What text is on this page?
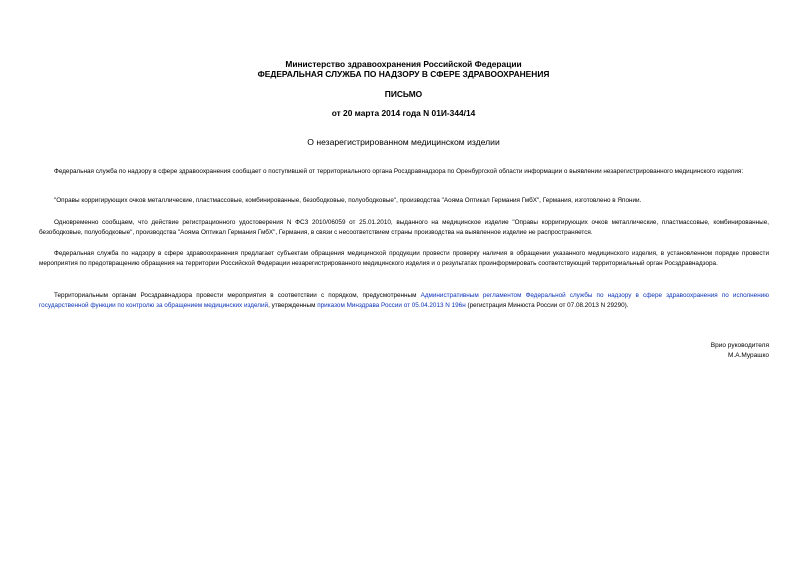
Министерство здравоохранения Российской Федерации
ФЕДЕРАЛЬНАЯ СЛУЖБА ПО НАДЗОРУ В СФЕРЕ ЗДРАВООХРАНЕНИЯ
ПИСЬМО
от 20 марта 2014 года N 01И-344/14
О незарегистрированном медицинском изделии

Федеральная служба по надзору в сфере здравоохранения сообщает о поступившей от территориального органа Росздравнадзора по Оренбургской области информации о выявлении незарегистрированного медицинского изделия:

"Оправы корригирующих очков металлические, пластмассовые, комбинированные, безободковые, полуободковые", производства "Аояма Оптикал Германия ГмбХ", Германия, изготовлено в Японии.

Одновременно сообщаем, что действие регистрационного удостоверения N ФСЗ 2010/06059 от 25.01.2010, выданного на медицинское изделие "Оправы корригирующих очков металлические, пластмассовые, комбинированные, безободковые, полуободковые", производства "Аояма Оптикал Германия ГмбХ", Германия, в связи с несоответствием страны производства на выявленное изделие не распространяется.

Федеральная служба по надзору в сфере здравоохранения предлагает субъектам обращения медицинской продукции провести проверку наличия в обращении указанного медицинского изделия, в установленном порядке провести мероприятия по предотвращению обращения на территории Российской Федерации незарегистрированного медицинского изделия и о результатах проинформировать соответствующий территориальный орган Росздравнадзора.

Территориальным органам Росздравнадзора провести мероприятия в соответствии с порядком, предусмотренным Административным регламентом Федеральной службы по надзору в сфере здравоохранения по исполнению государственной функции по контролю за обращением медицинских изделий, утвержденным приказом Минздрава России от 05.04.2013 N 196н (регистрация Минюста России от 07.08.2013 N 29290).

Врио руководителя
М.А.Мурашко
